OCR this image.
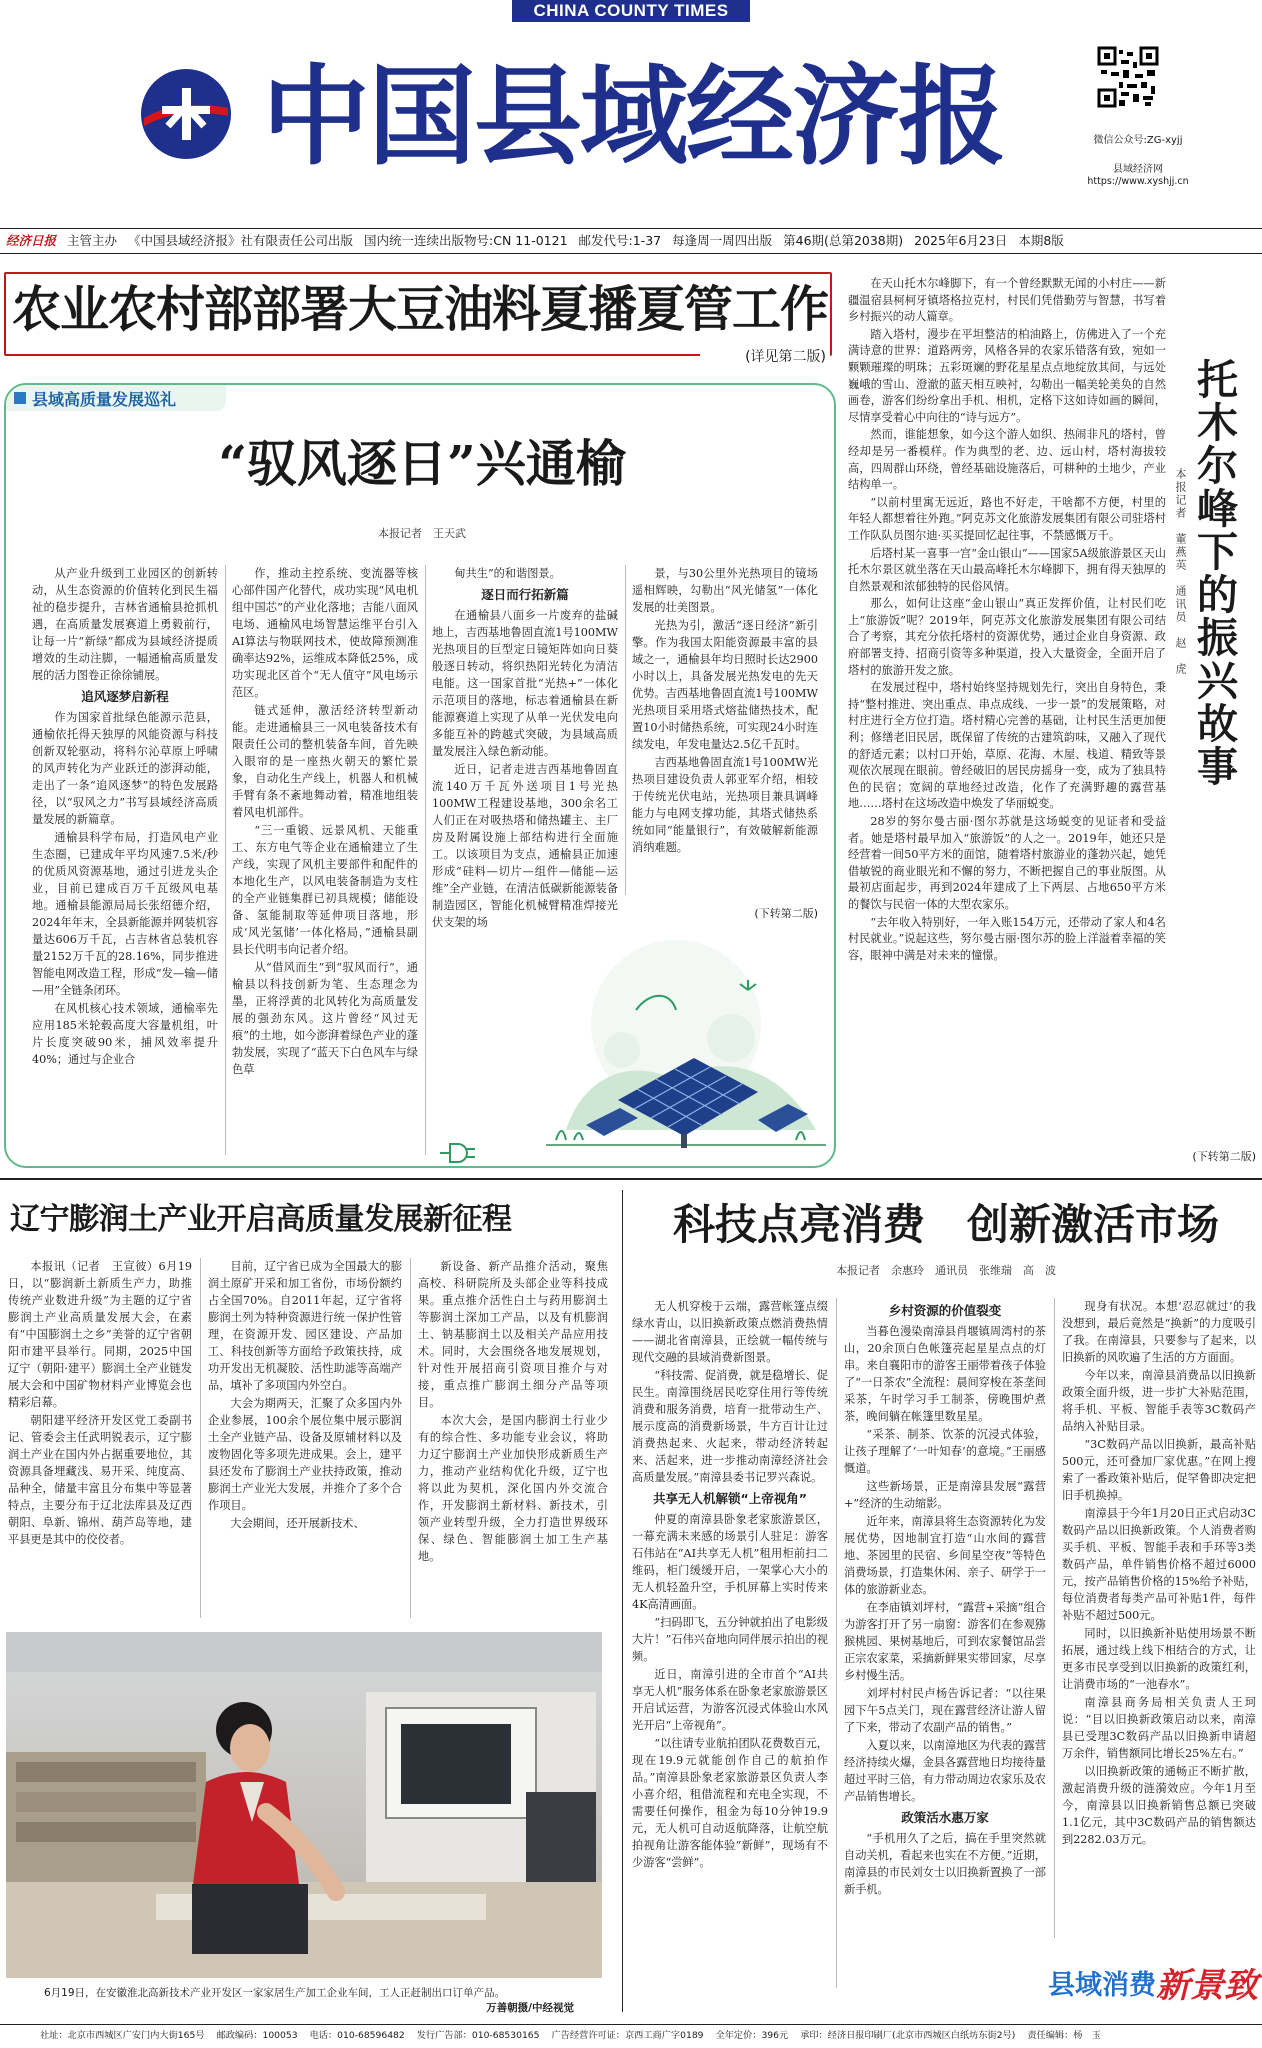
CHINA COUNTY TIMES
中国县域经济报	微信公众号:ZG-xyjj
县域经济网
https://www.xyshjj.cn
经济日报 主管主办 《中国县域经济报》社有限责任公司出版 国内统一连续出版物号:CN 11-0121 邮发代号:1-37 每逢周一周四出版 第46期(总第2038期) 2025年6月23日 本期8版
农业农村部部署大豆油料夏播夏管工作
(详见第二版)
县域高质量发展巡礼
“驭风逐日”兴通榆
本报记者　王天武

从产业升级到工业园区的创新转动，从生态资源的价值转化到民生福祉的稳步提升，吉林省通榆县抢抓机遇，在高质量发展赛道上勇毅前行，让每一片“新绿”都成为县域经济提质增效的生动注脚，一幅通榆高质量发展的活力图卷正徐徐铺展。

追风逐梦启新程

作为国家首批绿色能源示范县，通榆依托得天独厚的风能资源与科技创新双轮驱动，将科尔沁草原上呼啸的风声转化为产业跃迁的澎湃动能，走出了一条“追风逐梦”的特色发展路径，以“驭风之力”书写县域经济高质量发展的新篇章。

通榆县科学布局，打造风电产业生态圈，已建成年平均风速7.5米/秒的优质风资源基地，通过引进龙头企业，目前已建成百万千瓦级风电基地。通榆县能源局局长张绍德介绍，2024年年末，全县新能源并网装机容量达606万千瓦，占吉林省总装机容量2152万千瓦的28.16%，同步推进智能电网改造工程，形成“发—输—储—用”全链条闭环。

在风机核心技术领域，通榆率先应用185米轮毂高度大容量机组，叶片长度突破90米，捕风效率提升40%；通过与企业合

作，推动主控系统、变流器等核心部件国产化替代，成功实现“风电机组中国芯”的产业化落地；吉能八面风电场、通榆风电场智慧运维平台引入AI算法与物联网技术，使故障预测准确率达92%，运维成本降低25%，成功实现北区首个“无人值守”风电场示范区。

链式延伸，激活经济转型新动能。走进通榆县三一风电装备技术有限责任公司的整机装备车间，首先映入眼帘的是一座热火朝天的繁忙景象，自动化生产线上，机器人和机械手臂有条不紊地舞动着，精准地组装着风电机部件。

“三一重锻、远景风机、天能重工、东方电气等企业在通榆建立了生产线，实现了风机主要部件和配件的本地化生产，以风电装备制造为支柱的全产业链集群已初具规模；储能设备、氢能制取等延伸项目落地，形成‘风光氢储’一体化格局，”通榆县副县长代明韦向记者介绍。

从“借风而生”到“驭风而行”，通榆县以科技创新为笔、生态理念为墨，正将浮黄的北风转化为高质量发展的强劲东风。这片曾经“风过无痕”的土地，如今澎湃着绿色产业的蓬勃发展，实现了“蓝天下白色风车与绿色草

甸共生”的和谐图景。

逐日而行拓新篇

在通榆县八面乡一片废弃的盐碱地上，吉西基地鲁固直流1号100MW光热项目的巨型定日镜矩阵如向日葵般逐日转动，将织热阳光转化为清洁电能。这一国家首批“光热+”一体化示范项目的落地，标志着通榆县在新能源赛道上实现了从单一光伏发电向多能互补的跨越式突破，为县域高质量发展注入绿色新动能。

近日，记者走进吉西基地鲁固直流140万千瓦外送项目1号光热100MW工程建设基地，300余名工人们正在对吸热塔和储热罐主、主厂房及附属设施上部结构进行全面施工。以该项目为支点，通榆县正加速形成“硅料—切片—组件—储能—运维”全产业链，在清洁低碳新能源装备制造园区，智能化机械臂精准焊接光伏支架的场

景，与30公里外光热项目的镜场遥相辉映，勾勒出“风光储氢”一体化发展的壮美图景。

光热为引，激活“逐日经济”新引擎。作为我国太阳能资源最丰富的县域之一，通榆县年均日照时长达2900小时以上，具备发展光热发电的先天优势。吉西基地鲁固直流1号100MW光热项目采用塔式熔盐储热技术，配置10小时储热系统，可实现24小时连续发电，年发电量达2.5亿千瓦时。

吉西基地鲁固直流1号100MW光热项目建设负责人郭亚军介绍，相较于传统光伏电站，光热项目兼具调峰能力与电网支撑功能，其塔式储热系统如同“能量银行”，有效破解新能源消纳难题。

(下转第二版)

在天山托木尔峰脚下，有一个曾经默默无闻的小村庄——新疆温宿县柯柯牙镇塔格拉克村，村民们凭借勤劳与智慧，书写着乡村振兴的动人篇章。

踏入塔村，漫步在平坦整洁的柏油路上，仿佛进入了一个充满诗意的世界：道路两旁，风格各异的农家乐错落有致，宛如一颗颗璀璨的明珠；五彩斑斓的野花星星点点地绽放其间，与远处巍峨的雪山、澄澈的蓝天相互映衬，勾勒出一幅美轮美奂的自然画卷，游客们纷纷拿出手机、相机，定格下这如诗如画的瞬间，尽情享受着心中向往的“诗与远方”。

然而，谁能想象，如今这个游人如织、热闹非凡的塔村，曾经却是另一番模样。作为典型的老、边、远山村，塔村海拔较高，四周群山环绕，曾经基础设施落后，可耕种的土地少，产业结构单一。

“以前村里寓无远近，路也不好走，干啥都不方便，村里的年轻人都想着往外跑。”阿克苏文化旅游发展集团有限公司驻塔村工作队队员图尔迪·买买提回忆起往事，不禁感慨万千。

后塔村某一喜事一宫“金山银山”——国家5A级旅游景区天山托木尔景区就坐落在天山最高峰托木尔峰脚下，拥有得天独厚的自然景观和浓郁独特的民俗风情。

那么，如何让这座“金山银山”真正发挥价值，让村民们吃上“旅游饭”呢？2019年，阿克苏文化旅游发展集团有限公司结合了考察，其充分依托塔村的资源优势，通过企业自身资源、政府部署支持、招商引资等多种渠道，投入大量资金，全面开启了塔村的旅游开发之旅。

在发展过程中，塔村始终坚持规划先行，突出自身特色，秉持“整村推进、突出重点、串点成线、一步一景”的发展策略，对村庄进行全方位打造。塔村精心完善的基础，让村民生活更加便利；修缮老旧民居，既保留了传统的古建筑韵味，又融入了现代的舒适元素；以村口开始，草原、花海、木屋、栈道、精致等景观依次展现在眼前。曾经破旧的居民房摇身一变，成为了独具特色的民宿；宽阔的草地经过改造，化作了充满野趣的露营基地……塔村在这场改造中焕发了华丽蜕变。

28岁的努尔曼古丽·图尔苏就是这场蜕变的见证者和受益者。她是塔村最早加入“旅游饭”的人之一。2019年，她还只是经营着一间50平方米的面馆，随着塔村旅游业的蓬勃兴起，她凭借敏锐的商业眼光和不懈的努力，不断把握自己的事业版图。从最初店面起步，再到2024年建成了上下两层、占地650平方米的餐饮与民宿一体的大型农家乐。

“去年收入特别好，一年入账154万元，还带动了家人和4名村民就业。”说起这些，努尔曼古丽·图尔苏的脸上洋溢着幸福的笑容，眼神中满是对未来的憧憬。

托木尔峰下的振兴故事
本报记者　董燕英　通讯员　赵　虎
(下转第二版)
辽宁膨润土产业开启高质量发展新征程

本报讯（记者　王宣彼）6月19日，以“膨润新土新质生产力，助推传统产业数进升级”为主题的辽宁省膨润土产业高质量发展大会，在素有“中国膨润土之乡”美誉的辽宁省朝阳市建平县举行。同期，2025中国辽宁（朝阳·建平）膨润土全产业链发展大会和中国矿物材料产业博览会也精彩启幕。

朝阳建平经济开发区党工委副书记、管委会主任武明锐表示，辽宁膨润土产业在国内外占据重要地位，其资源具备埋藏浅、易开采、纯度高、品种全，储量丰富且分布集中等显著特点，主要分布于辽北法库县及辽西朝阳、阜新、锦州、葫芦岛等地，建平县更是其中的佼佼者。

目前，辽宁省已成为全国最大的膨润土原矿开采和加工省份，市场份额约占全国70%。自2011年起，辽宁省将膨润土列为特种资源进行统一保护性管理，在资源开发、园区建设、产品加工、科技创新等方面给予政策扶持，成功开发出无机凝胶、活性助滤等高端产品，填补了多项国内外空白。

大会为期两天，汇聚了众多国内外企业参展，100余个展位集中展示膨润土全产业链产品、设备及原辅材料以及废物固化等多项先进成果。会上，建平县还发布了膨润土产业扶持政策，推动膨润土产业光大发展，并推介了多个合作项目。

大会期间，还开展新技术、

新设备、新产品推介活动，聚焦高校、科研院所及头部企业等科技成果。重点推介活性白土与药用膨润土等膨润土深加工产品，以及有机膨润土、钠基膨润土以及相关产品应用技术。同时，大会围绕各地发展规划，针对性开展招商引资项目推介与对接，重点推广膨润土细分产品等项目。

本次大会，是国内膨润土行业少有的综合性、多功能专业会议，将助力辽宁膨润土产业加快形成新质生产力，推动产业结构优化升级，辽宁也将以此为契机，深化国内外交流合作，开发膨润土新材料、新技术，引领产业转型升级，全力打造世界级环保、绿色、智能膨润土加工生产基地。

6月19日，在安徽淮北高新技术产业开发区一家家居生产加工企业车间，工人正赶制出口订单产品。
万善朝摄/中经视觉
科技点亮消费　创新激活市场
本报记者　余惠玲　通讯员　张维瑞　高　波

无人机穿梭于云端，露营帐篷点缀绿水青山，以旧换新政策点燃消费热情——湖北省南漳县，正绘就一幅传统与现代交融的县域消费新图景。

“科技需、促消费，就是稳增长、促民生。南漳围绕居民吃穿住用行等传统消费和服务消费，培育一批带动生产、展示度高的消费新场景，牛方百计让过消费热起来、火起来，带动经济转起来、活起来，进一步推动南漳经济社会高质量发展。”南漳县委书记罗兴森说。

共享无人机解锁“上帝视角”

仲夏的南漳县卧象老家旅游景区，一幕充满未来感的场景引人驻足：游客石伟站在“AI共享无人机”租用柜前扫二维码，柜门缓缓开启，一架掌心大小的无人机轻盈升空，手机屏幕上实时传来4K高清画面。

“扫码即飞，五分钟就拍出了电影级大片！”石伟兴奋地向同伴展示拍出的视频。

近日，南漳引进的全市首个“AI共享无人机”服务体系在卧象老家旅游景区开启试运营，为游客沉浸式体验山水风光开启“上帝视角”。

“以往请专业航拍团队花费数百元，现在19.9元就能创作自己的航拍作品。”南漳县卧象老家旅游景区负责人李小喜介绍，租借流程和充电全实现，不需要任何操作，租金为每10分钟19.9元，无人机可自动返航降落，让航空航拍视角让游客能体验“新鲜”，现场有不少游客“尝鲜”。

乡村资源的价值裂变

当暮色漫染南漳县肖堰镇周湾村的茶山，20余顶白色帐篷亮起星星点点的灯串。来自襄阳市的游客王丽带着孩子体验了“一日茶农”全流程：晨间穿梭在茶垄间采茶，午时学习手工制茶，傍晚围炉煮茶，晚间躺在帐篷里数星星。

“采茶、制茶、饮茶的沉浸式体验，让孩子理解了‘一叶知春’的意境。”王丽感慨道。

这些新场景，正是南漳县发展“露营+”经济的生动缩影。

近年来，南漳县将生态资源转化为发展优势，因地制宜打造“山水间的露营地、茶园里的民宿、乡间星空夜”等特色消费场景，打造集休闲、亲子、研学于一体的旅游新业态。

在李庙镇刘坪村，“露营+采摘”组合为游客打开了另一扇窗：游客们在参观猕猴桃园、果树基地后，可到农家餐馆品尝正宗农家菜，采摘新鲜果实带回家，尽享乡村慢生活。

刘坪村村民卢杨告诉记者：“以往果园下午5点关门，现在露营经济让游人留了下来，带动了农副产品的销售。”

入夏以来，以南漳地区为代表的露营经济持续火爆，金县各露营地日均接待量超过平时三倍，有力带动周边农家乐及农产品销售增长。

政策活水惠万家

“手机用久了之后，搞在手里突然就自动关机，看起来也实在不方便。”近期，南漳县的市民刘女士以旧换新置换了一部新手机。

现身有状况。本想‘忍忍就过’的我没想到，最后竟然是“换新”的力度吸引了我。在南漳县，只要参与了起来，以旧换新的风吹遍了生活的方方面面。

今年以来，南漳县消费品以旧换新政策全面升级，进一步扩大补贴范围，将手机、平板、智能手表等3C数码产品纳入补贴目录。

“3C数码产品以旧换新，最高补贴500元，还可叠加厂家优惠。”在网上搜索了一番政策补贴后，促罕鲁即决定把旧手机换掉。

南漳县于今年1月20日正式启动3C数码产品以旧换新政策。个人消费者购买手机、平板、智能手表和手环等3类数码产品，单件销售价格不超过6000元，按产品销售价格的15%给予补贴，每位消费者每类产品可补贴1件，每件补贴不超过500元。

同时，以旧换新补贴使用场景不断拓展，通过线上线下相结合的方式，让更多市民享受到以旧换新的政策红利，让消费市场的“一池春水”。

南漳县商务局相关负责人王珂说：“目以旧换新政策启动以来，南漳县已受理3C数码产品以旧换新申请超万余件，销售额同比增长25%左右。”

以旧换新政策的通畅正不断扩散，激起消费升级的涟漪效应。今年1月至今，南漳县以旧换新销售总额已突破1.1亿元，其中3C数码产品的销售额达到2282.03万元。

县域消费 新景致
社址：北京市西城区广安门内大街165号 邮政编码：100053 电话：010-68596482 发行广告部：010-68530165 广告经营许可证：京西工商广字0189 全年定价：396元 承印：经济日报印刷厂(北京市西城区白纸坊东街2号) 责任编辑：杨　玉
